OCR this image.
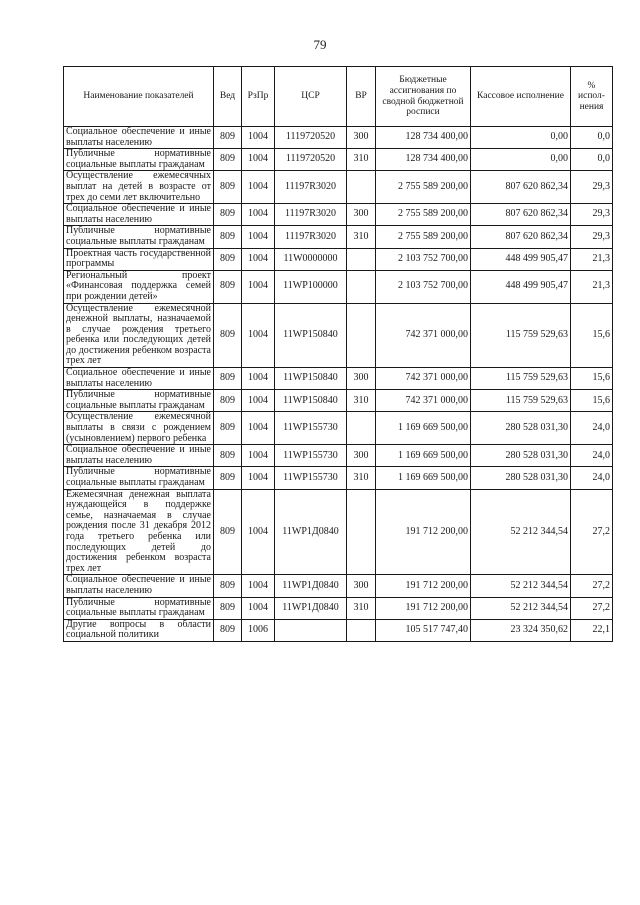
79
Наименование показателей	Вед	РзПр	ЦСР	ВР	Бюджетные ассигнования по сводной бюджетной росписи	Кассовое исполнение	% испол-нения
Социальное обеспечение и иные выплаты населению	809	1004	1119720520	300	128 734 400,00	0,00	0,0
Публичные нормативные социальные выплаты гражданам	809	1004	1119720520	310	128 734 400,00	0,00	0,0
Осуществление ежемесячных выплат на детей в возрасте от трех до семи лет включительно	809	1004	11197R3020		2 755 589 200,00	807 620 862,34	29,3
Социальное обеспечение и иные выплаты населению	809	1004	11197R3020	300	2 755 589 200,00	807 620 862,34	29,3
Публичные нормативные социальные выплаты гражданам	809	1004	11197R3020	310	2 755 589 200,00	807 620 862,34	29,3
Проектная часть государственной программы	809	1004	11W0000000		2 103 752 700,00	448 499 905,47	21,3
Региональный проект «Финансовая поддержка семей при рождении детей»	809	1004	11WP100000		2 103 752 700,00	448 499 905,47	21,3
Осуществление ежемесячной денежной выплаты, назначаемой в случае рождения третьего ребенка или последующих детей до достижения ребенком возраста трех лет	809	1004	11WP150840		742 371 000,00	115 759 529,63	15,6
Социальное обеспечение и иные выплаты населению	809	1004	11WP150840	300	742 371 000,00	115 759 529,63	15,6
Публичные нормативные социальные выплаты гражданам	809	1004	11WP150840	310	742 371 000,00	115 759 529,63	15,6
Осуществление ежемесячной выплаты в связи с рождением (усыновлением) первого ребенка	809	1004	11WP155730		1 169 669 500,00	280 528 031,30	24,0
Социальное обеспечение и иные выплаты населению	809	1004	11WP155730	300	1 169 669 500,00	280 528 031,30	24,0
Публичные нормативные социальные выплаты гражданам	809	1004	11WP155730	310	1 169 669 500,00	280 528 031,30	24,0
Ежемесячная денежная выплата нуждающейся в поддержке семье, назначаемая в случае рождения после 31 декабря 2012 года третьего ребенка или последующих детей до достижения ребенком возраста трех лет	809	1004	11WP1Д0840		191 712 200,00	52 212 344,54	27,2
Социальное обеспечение и иные выплаты населению	809	1004	11WP1Д0840	300	191 712 200,00	52 212 344,54	27,2
Публичные нормативные социальные выплаты гражданам	809	1004	11WP1Д0840	310	191 712 200,00	52 212 344,54	27,2
Другие вопросы в области социальной политики	809	1006			105 517 747,40	23 324 350,62	22,1
